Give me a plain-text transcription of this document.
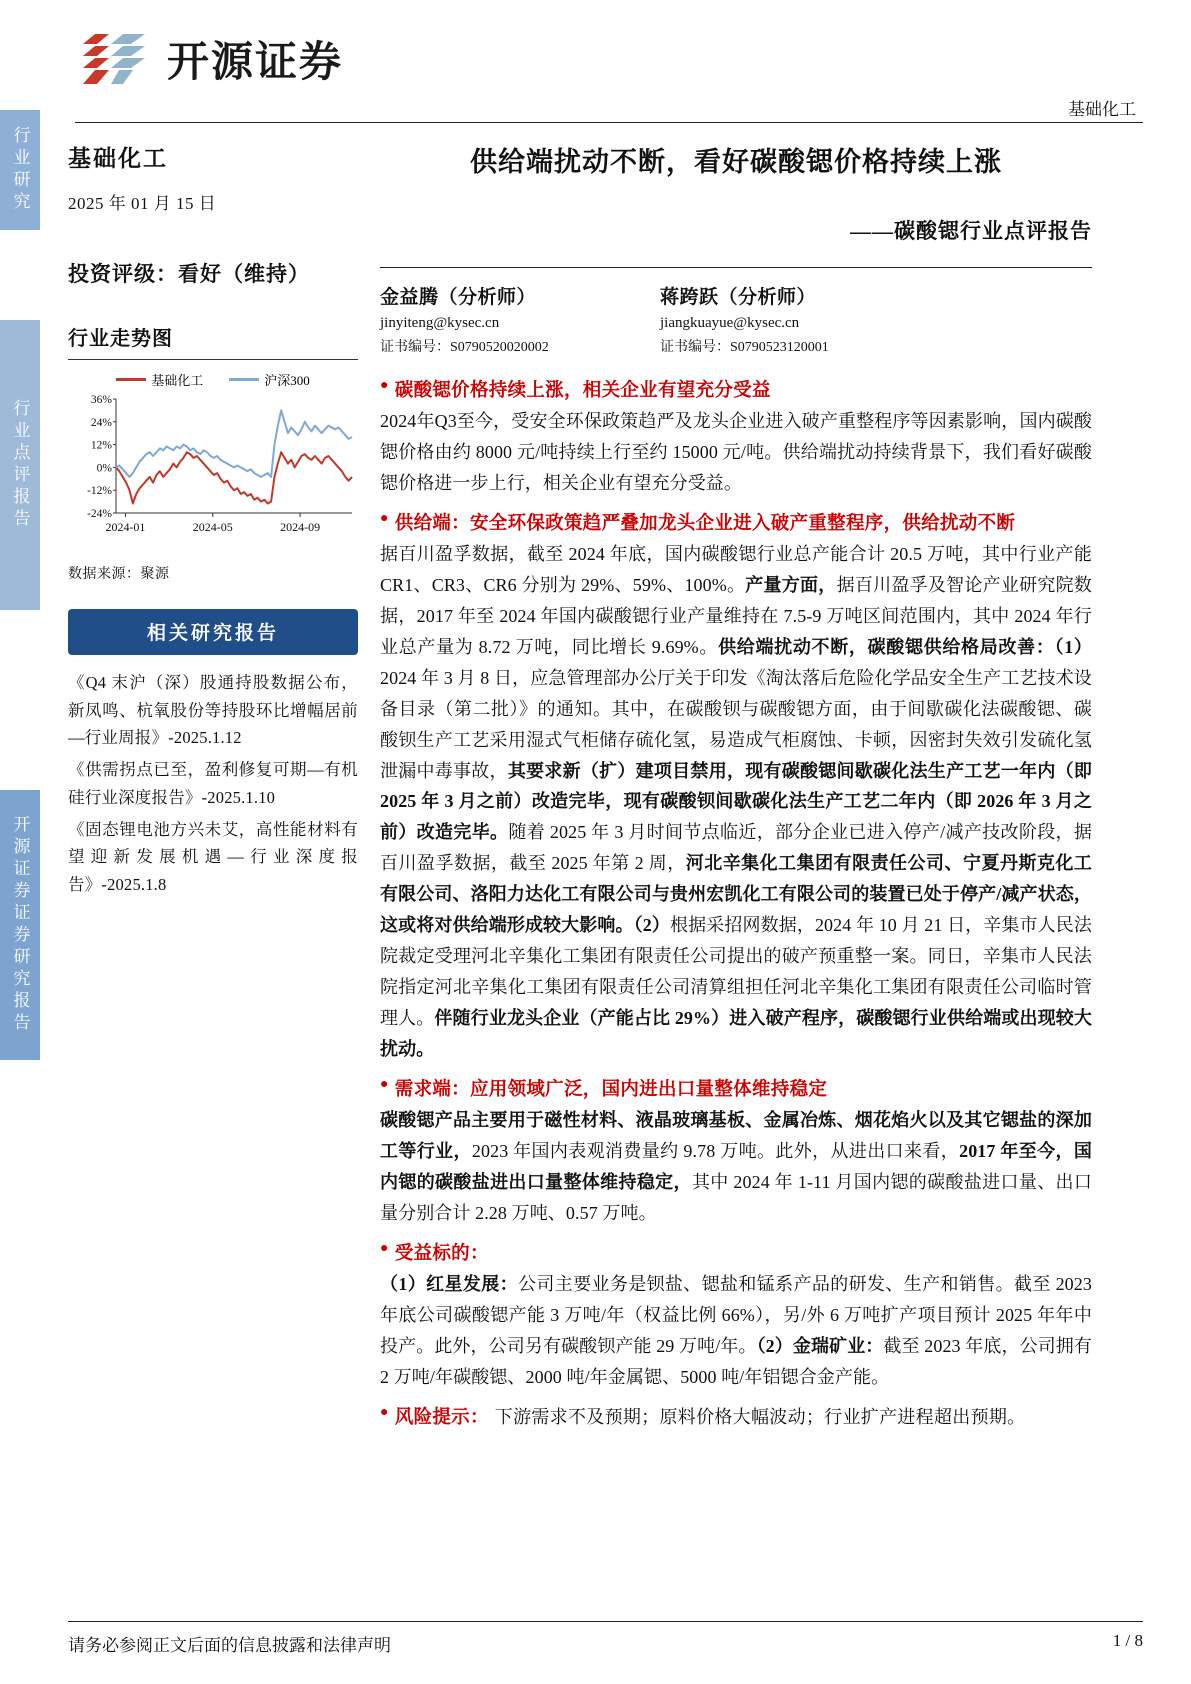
行业研究
行业点评报告
开源证券证券研究报告
开源证券
基础化工
基础化工
2025 年 01 月 15 日
投资评级：看好（维持）
行业走势图
基础化工	沪深300
36%
24%
12%
0%
-12%
-24%
2024-01	2024-05	2024-09
数据来源：聚源
相关研究报告
《Q4 末沪（深）股通持股数据公布，新凤鸣、杭氧股份等持股环比增幅居前—行业周报》-2025.1.12
《供需拐点已至，盈利修复可期—有机硅行业深度报告》-2025.1.10
《固态锂电池方兴未艾，高性能材料有望迎新发展机遇—行业深度报告》-2025.1.8
供给端扰动不断，看好碳酸锶价格持续上涨
——碳酸锶行业点评报告
金益腾（分析师）
jinyiteng@kysec.cn
证书编号：S0790520020002
蒋跨跃（分析师）
jiangkuayue@kysec.cn
证书编号：S0790523120001
● 碳酸锶价格持续上涨，相关企业有望充分受益
2024年Q3至今，受安全环保政策趋严及龙头企业进入破产重整程序等因素影响，国内碳酸锶价格由约 8000 元/吨持续上行至约 15000 元/吨。供给端扰动持续背景下，我们看好碳酸锶价格进一步上行，相关企业有望充分受益。
● 供给端：安全环保政策趋严叠加龙头企业进入破产重整程序，供给扰动不断
据百川盈孚数据，截至 2024 年底，国内碳酸锶行业总产能合计 20.5 万吨，其中行业产能 CR1、CR3、CR6 分别为 29%、59%、100%。产量方面，据百川盈孚及智论产业研究院数据，2017 年至 2024 年国内碳酸锶行业产量维持在 7.5-9 万吨区间范围内，其中 2024 年行业总产量为 8.72 万吨，同比增长 9.69%。供给端扰动不断，碳酸锶供给格局改善：（1）2024 年 3 月 8 日，应急管理部办公厅关于印发《淘汰落后危险化学品安全生产工艺技术设备目录（第二批）》的通知。其中，在碳酸钡与碳酸锶方面，由于间歇碳化法碳酸锶、碳酸钡生产工艺采用湿式气柜储存硫化氢，易造成气柜腐蚀、卡顿，因密封失效引发硫化氢泄漏中毒事故，其要求新（扩）建项目禁用，现有碳酸锶间歇碳化法生产工艺一年内（即 2025 年 3 月之前）改造完毕，现有碳酸钡间歇碳化法生产工艺二年内（即 2026 年 3 月之前）改造完毕。随着 2025 年 3 月时间节点临近，部分企业已进入停产/减产技改阶段，据百川盈孚数据，截至 2025 年第 2 周，河北辛集化工集团有限责任公司、宁夏丹斯克化工有限公司、洛阳力达化工有限公司与贵州宏凯化工有限公司的装置已处于停产/减产状态，这或将对供给端形成较大影响。（2）根据采招网数据，2024 年 10 月 21 日，辛集市人民法院裁定受理河北辛集化工集团有限责任公司提出的破产预重整一案。同日，辛集市人民法院指定河北辛集化工集团有限责任公司清算组担任河北辛集化工集团有限责任公司临时管理人。伴随行业龙头企业（产能占比 29%）进入破产程序，碳酸锶行业供给端或出现较大扰动。
● 需求端：应用领域广泛，国内进出口量整体维持稳定
碳酸锶产品主要用于磁性材料、液晶玻璃基板、金属冶炼、烟花焰火以及其它锶盐的深加工等行业，2023 年国内表观消费量约 9.78 万吨。此外，从进出口来看，2017 年至今，国内锶的碳酸盐进出口量整体维持稳定，其中 2024 年 1-11 月国内锶的碳酸盐进口量、出口量分别合计 2.28 万吨、0.57 万吨。
● 受益标的：
（1）红星发展：公司主要业务是钡盐、锶盐和锰系产品的研发、生产和销售。截至 2023 年底公司碳酸锶产能 3 万吨/年（权益比例 66%），另/外 6 万吨扩产项目预计 2025 年年中投产。此外，公司另有碳酸钡产能 29 万吨/年。（2）金瑞矿业：截至 2023 年底，公司拥有 2 万吨/年碳酸锶、2000 吨/年金属锶、5000 吨/年铝锶合金产能。
● 风险提示： 下游需求不及预期；原料价格大幅波动；行业扩产进程超出预期。
请务必参阅正文后面的信息披露和法律声明	1 / 8
